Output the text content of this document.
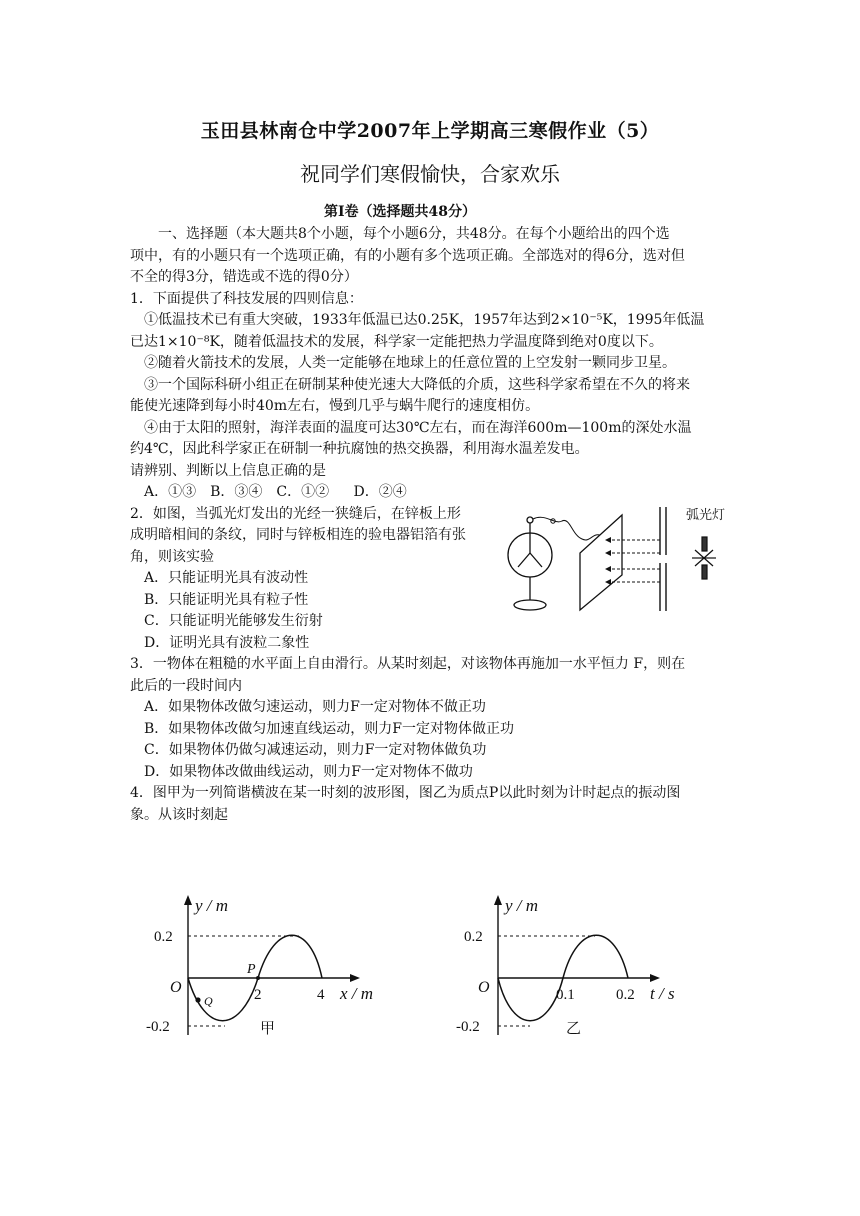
玉田县林南仓中学2007年上学期高三寒假作业（5）
祝同学们寒假愉快，合家欢乐
第Ⅰ卷（选择题共48分）

一、选择题（本大题共8个小题，每个小题6分，共48分。在每个小题给出的四个选

项中，有的小题只有一个选项正确，有的小题有多个选项正确。全部选对的得6分，选对但

不全的得3分，错选或不选的得0分）

1．下面提供了科技发展的四则信息：

①低温技术已有重大突破，1933年低温已达0.25K，1957年达到2×10⁻⁵K，1995年低温

已达1×10⁻⁸K，随着低温技术的发展，科学家一定能把热力学温度降到绝对0度以下。

②随着火箭技术的发展，人类一定能够在地球上的任意位置的上空发射一颗同步卫星。

③一个国际科研小组正在研制某种使光速大大降低的介质，这些科学家希望在不久的将来

能使光速降到每小时40m左右，慢到几乎与蜗牛爬行的速度相仿。

④由于太阳的照射，海洋表面的温度可达30℃左右，而在海洋600m—100m的深处水温

约4℃，因此科学家正在研制一种抗腐蚀的热交换器，利用海水温差发电。

请辨别、判断以上信息正确的是

A．①③　B．③④　C．①②　 D．②④

2．如图，当弧光灯发出的光经一狭缝后，在锌板上形

成明暗相间的条纹，同时与锌板相连的验电器铝箔有张

角，则该实验

A．只能证明光具有波动性

B．只能证明光具有粒子性

C．只能证明光能够发生衍射

D．证明光具有波粒二象性

3．一物体在粗糙的水平面上自由滑行。从某时刻起，对该物体再施加一水平恒力 F，则在

此后的一段时间内

A．如果物体改做匀速运动，则力F一定对物体不做正功

B．如果物体改做匀加速直线运动，则力F一定对物体做正功

C．如果物体仍做匀减速运动，则力F一定对物体做负功

D．如果物体改做曲线运动，则力F一定对物体不做功

4．图甲为一列简谐横波在某一时刻的波形图，图乙为质点P以此时刻为计时起点的振动图

象。从该时刻起

弧光灯
y / m
x / m
O
0.2
-0.2
2	4
P
Q
甲
y / m
t / s
O
0.2
-0.2
0.1	0.2
乙
